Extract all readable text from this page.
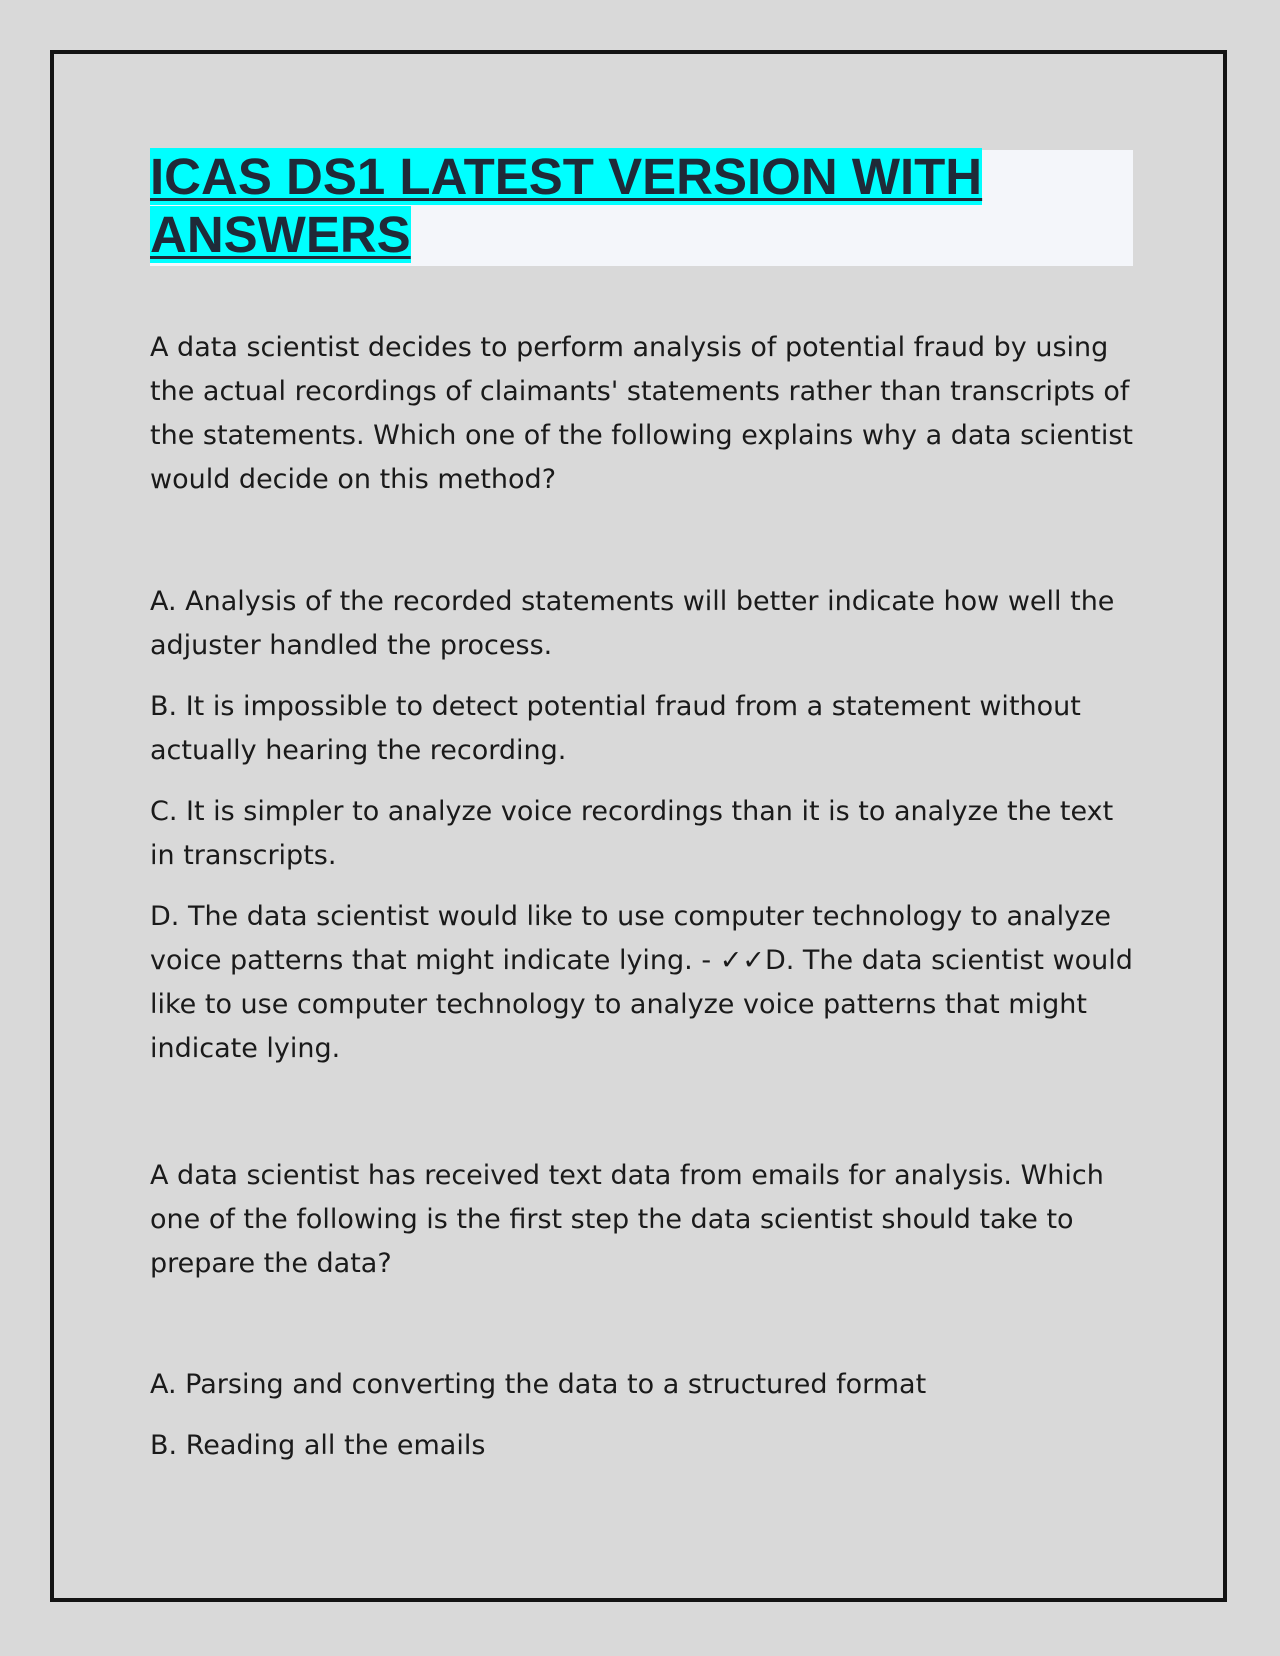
ICAS DS1 LATEST VERSION WITH ANSWERS

A data scientist decides to perform analysis of potential fraud by using the actual recordings of claimants' statements rather than transcripts of the statements. Which one of the following explains why a data scientist would decide on this method?

A. Analysis of the recorded statements will better indicate how well the adjuster handled the process.

B. It is impossible to detect potential fraud from a statement without actually hearing the recording.

C. It is simpler to analyze voice recordings than it is to analyze the text in transcripts.

D. The data scientist would like to use computer technology to analyze voice patterns that might indicate lying. - ✓✓D. The data scientist would like to use computer technology to analyze voice patterns that might indicate lying.

A data scientist has received text data from emails for analysis. Which one of the following is the first step the data scientist should take to prepare the data?

A. Parsing and converting the data to a structured format

B. Reading all the emails
